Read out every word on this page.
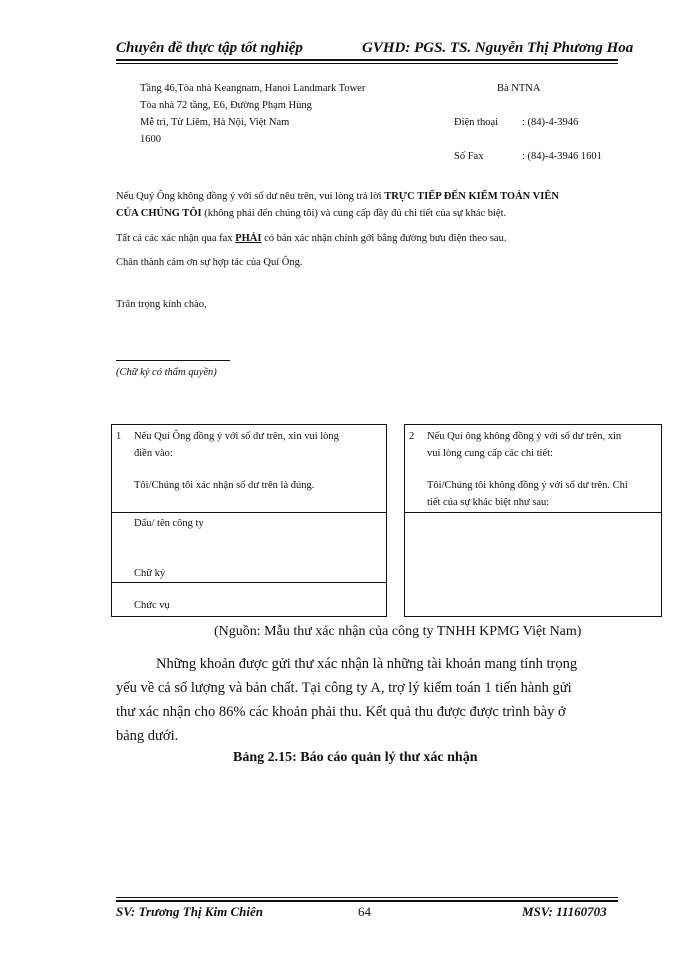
Chuyên đề thực tập tốt nghiệp	GVHD: PGS. TS. Nguyễn Thị Phương Hoa
Tầng 46,Tòa nhà Keangnam, Hanoi Landmark Tower
Tòa nhà 72 tầng, E6, Đường Phạm Hùng
Mễ trì, Từ Liêm, Hà Nội, Việt Nam
1600
Bà NTNA
Điện thoại : (84)-4-3946
Số Fax	: (84)-4-3946 1601
Nếu Quý Ông không đồng ý với số dư nêu trên, vui lòng trả lời TRỰC TIẾP ĐẾN KIỂM TOÁN VIÊN
CỦA CHÚNG TÔI (không phải đến chúng tôi) và cung cấp đầy đủ chi tiết của sự khác biệt.
Tất cả các xác nhận qua fax PHẢI có bản xác nhận chính gởi bằng đường bưu điện theo sau.
Chân thành cảm ơn sự hợp tác của Quí Ông.
Trân trọng kính chào,
(Chữ ký có thẩm quyền)
1 Nếu Quí Ông đồng ý với số dư trên, xin vui lòng
điền vào:
Tôi/Chúng tôi xác nhận số dư trên là đúng.
Dấu/ tên công ty
Chữ ký
Chức vụ
2 Nếu Quí ông không đồng ý với số dư trên, xin
vui lòng cung cấp các chi tiết:
Tôi/Chúng tôi không đồng ý với số dư trên. Chi
tiết của sự khác biệt như sau:
(Nguồn: Mẫu thư xác nhận của công ty TNHH KPMG Việt Nam)
Những khoản được gửi thư xác nhận là những tài khoản mang tính trọng
yếu về cả số lượng và bản chất. Tại công ty A, trợ lý kiểm toán 1 tiến hành gửi
thư xác nhận cho 86% các khoản phải thu. Kết quả thu được được trình bày ở
bảng dưới.
Bảng 2.15: Báo cáo quản lý thư xác nhận
SV: Trương Thị Kim Chiên	64	MSV: 11160703
